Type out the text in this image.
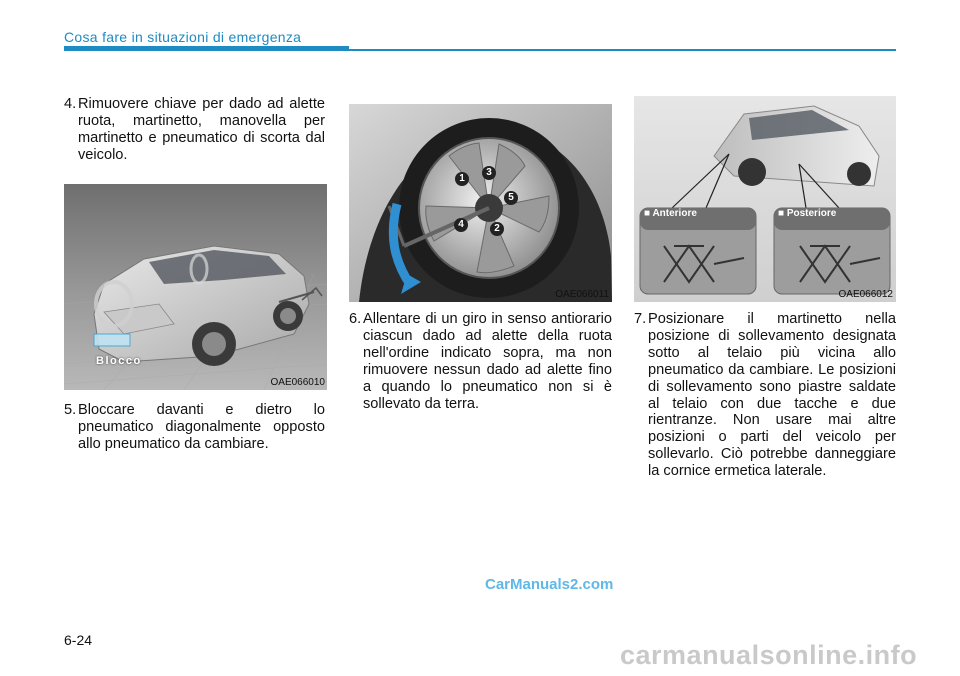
Cosa fare in situazioni di emergenza
4. Rimuovere chiave per dado ad alette ruota, martinetto, manovella per martinetto e pneumatico di scorta dal veicolo.
Blocco
OAE066010
5. Bloccare davanti e dietro lo pneumatico diagonalmente opposto allo pneumatico da cambiare.
1
2
3
4
5
OAE066011
6. Allentare di un giro in senso antiorario ciascun dado ad alette della ruota nell'ordine indicato sopra, ma non rimuovere nessun dado ad alette fino a quando lo pneumatico non si è sollevato da terra.
■ Anteriore	■ Posteriore
OAE066012
7. Posizionare il martinetto nella posizione di sollevamento designata sotto al telaio più vicina allo pneumatico da cambiare. Le posizioni di sollevamento sono piastre saldate al telaio con due tacche e due rientranze. Non usare mai altre posizioni o parti del veicolo per sollevarlo. Ciò potrebbe danneggiare la cornice ermetica laterale.
CarManuals2.com
6-24	carmanualsonline.info
